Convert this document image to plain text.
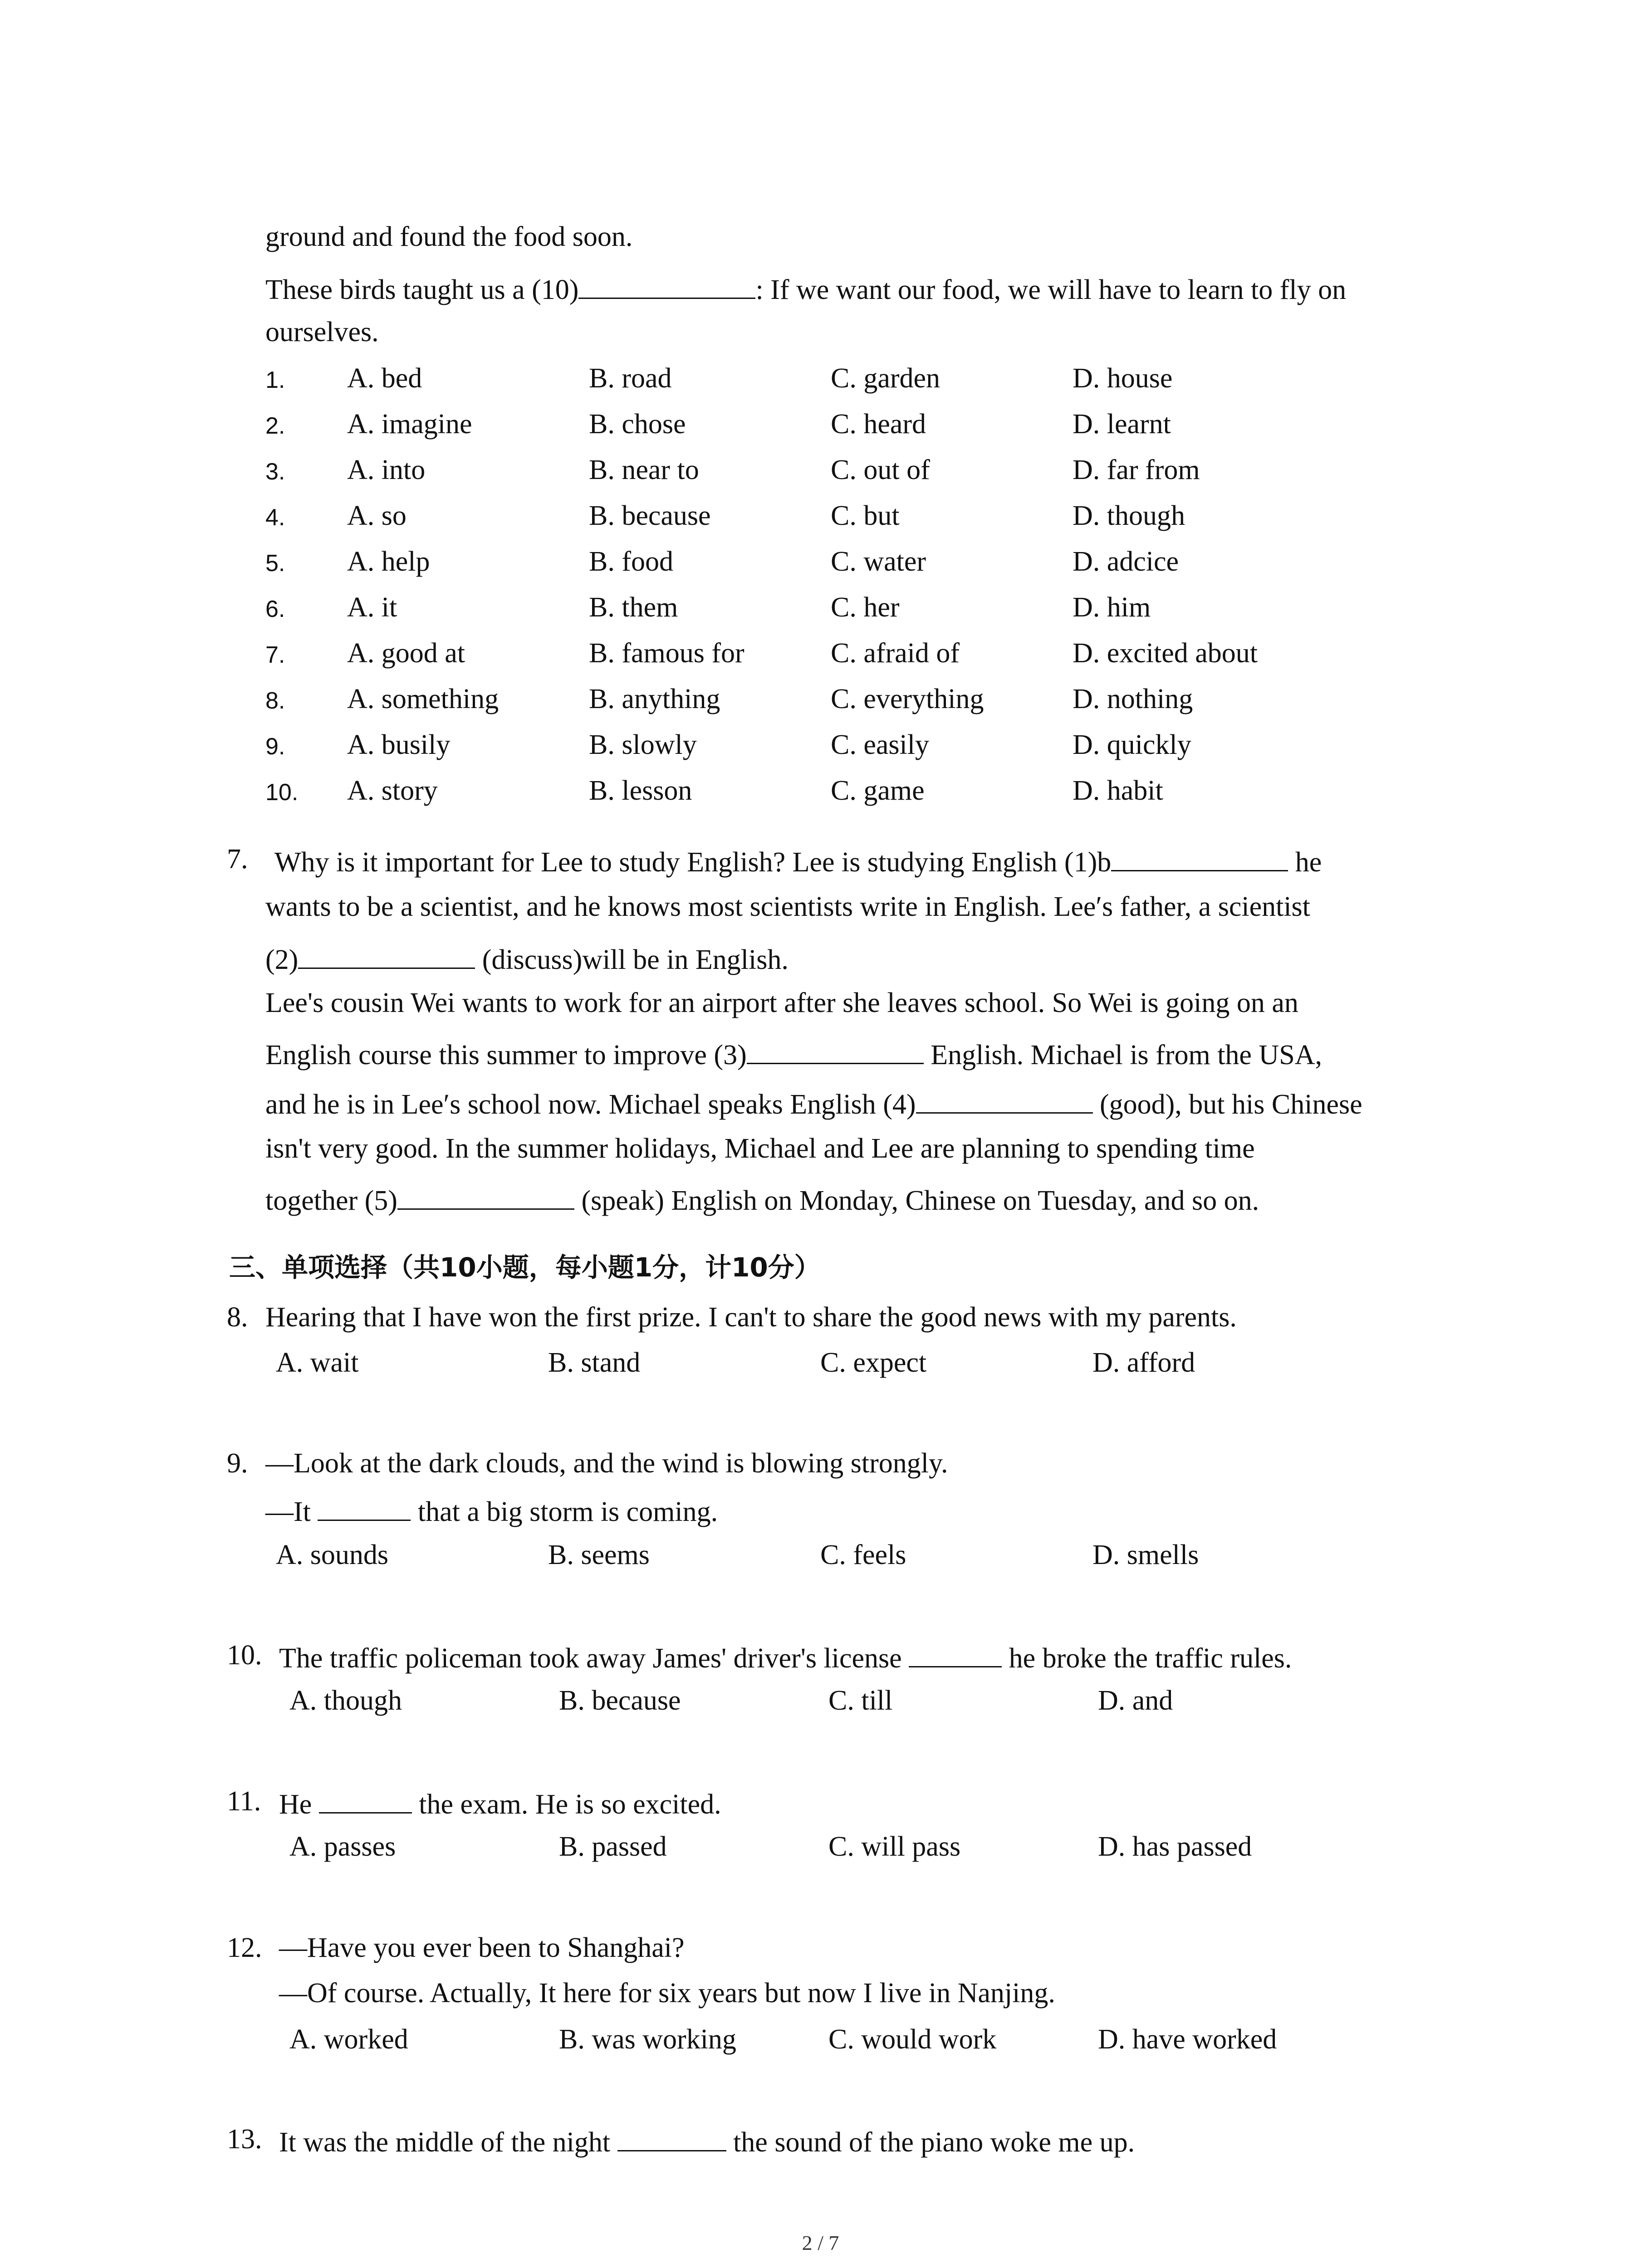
ground and found the food soon.
These birds taught us a (10)	: If we want our food, we will have to learn to fly on
ourselves.
1. A. bed	B. road	C. garden	D. house
2. A. imagine	B. chose	C. heard	D. learnt
3. A. into	B. near to	C. out of	D. far from
4. A. so	B. because	C. but	D. though
5. A. help	B. food	C. water	D. adcice
6. A. it	B. them	C. her	D. him
7. A. good at	B. famous for	C. afraid of	D. excited about
8. A. something	B. anything	C. everything	D. nothing
9. A. busily	B. slowly	C. easily	D. quickly
10. A. story	B. lesson	C. game	D. habit
7. Why is it important for Lee to study English? Lee is studying English (1)b	he
wants to be a scientist, and he knows most scientists write in English. Lee′s father, a scientist
(2)	(discuss)will be in English.
Lee's cousin Wei wants to work for an airport after she leaves school. So Wei is going on an
English course this summer to improve (3)	English. Michael is from the USA,
and he is in Lee′s school now. Michael speaks English (4)	(good), but his Chinese
isn't very good. In the summer holidays, Michael and Lee are planning to spending time
together (5)	(speak) English on Monday, Chinese on Tuesday, and so on.
三、单项选择（共10小题，每小题1分，计10分）
8. Hearing that I have won the first prize. I can't to share the good news with my parents.
A. wait	B. stand	C. expect	D. afford
9. —Look at the dark clouds, and the wind is blowing strongly.
—It	that a big storm is coming.
A. sounds	B. seems	C. feels	D. smells
10. The traffic policeman took away James' driver's license	he broke the traffic rules.
A. though	B. because	C. till	D. and
11. He	the exam. He is so excited.
A. passes	B. passed	C. will pass	D. has passed
12. —Have you ever been to Shanghai?
—Of course. Actually, It here for six years but now I live in Nanjing.
A. worked	B. was working	C. would work	D. have worked
13. It was the middle of the night	the sound of the piano woke me up.
2 / 7
